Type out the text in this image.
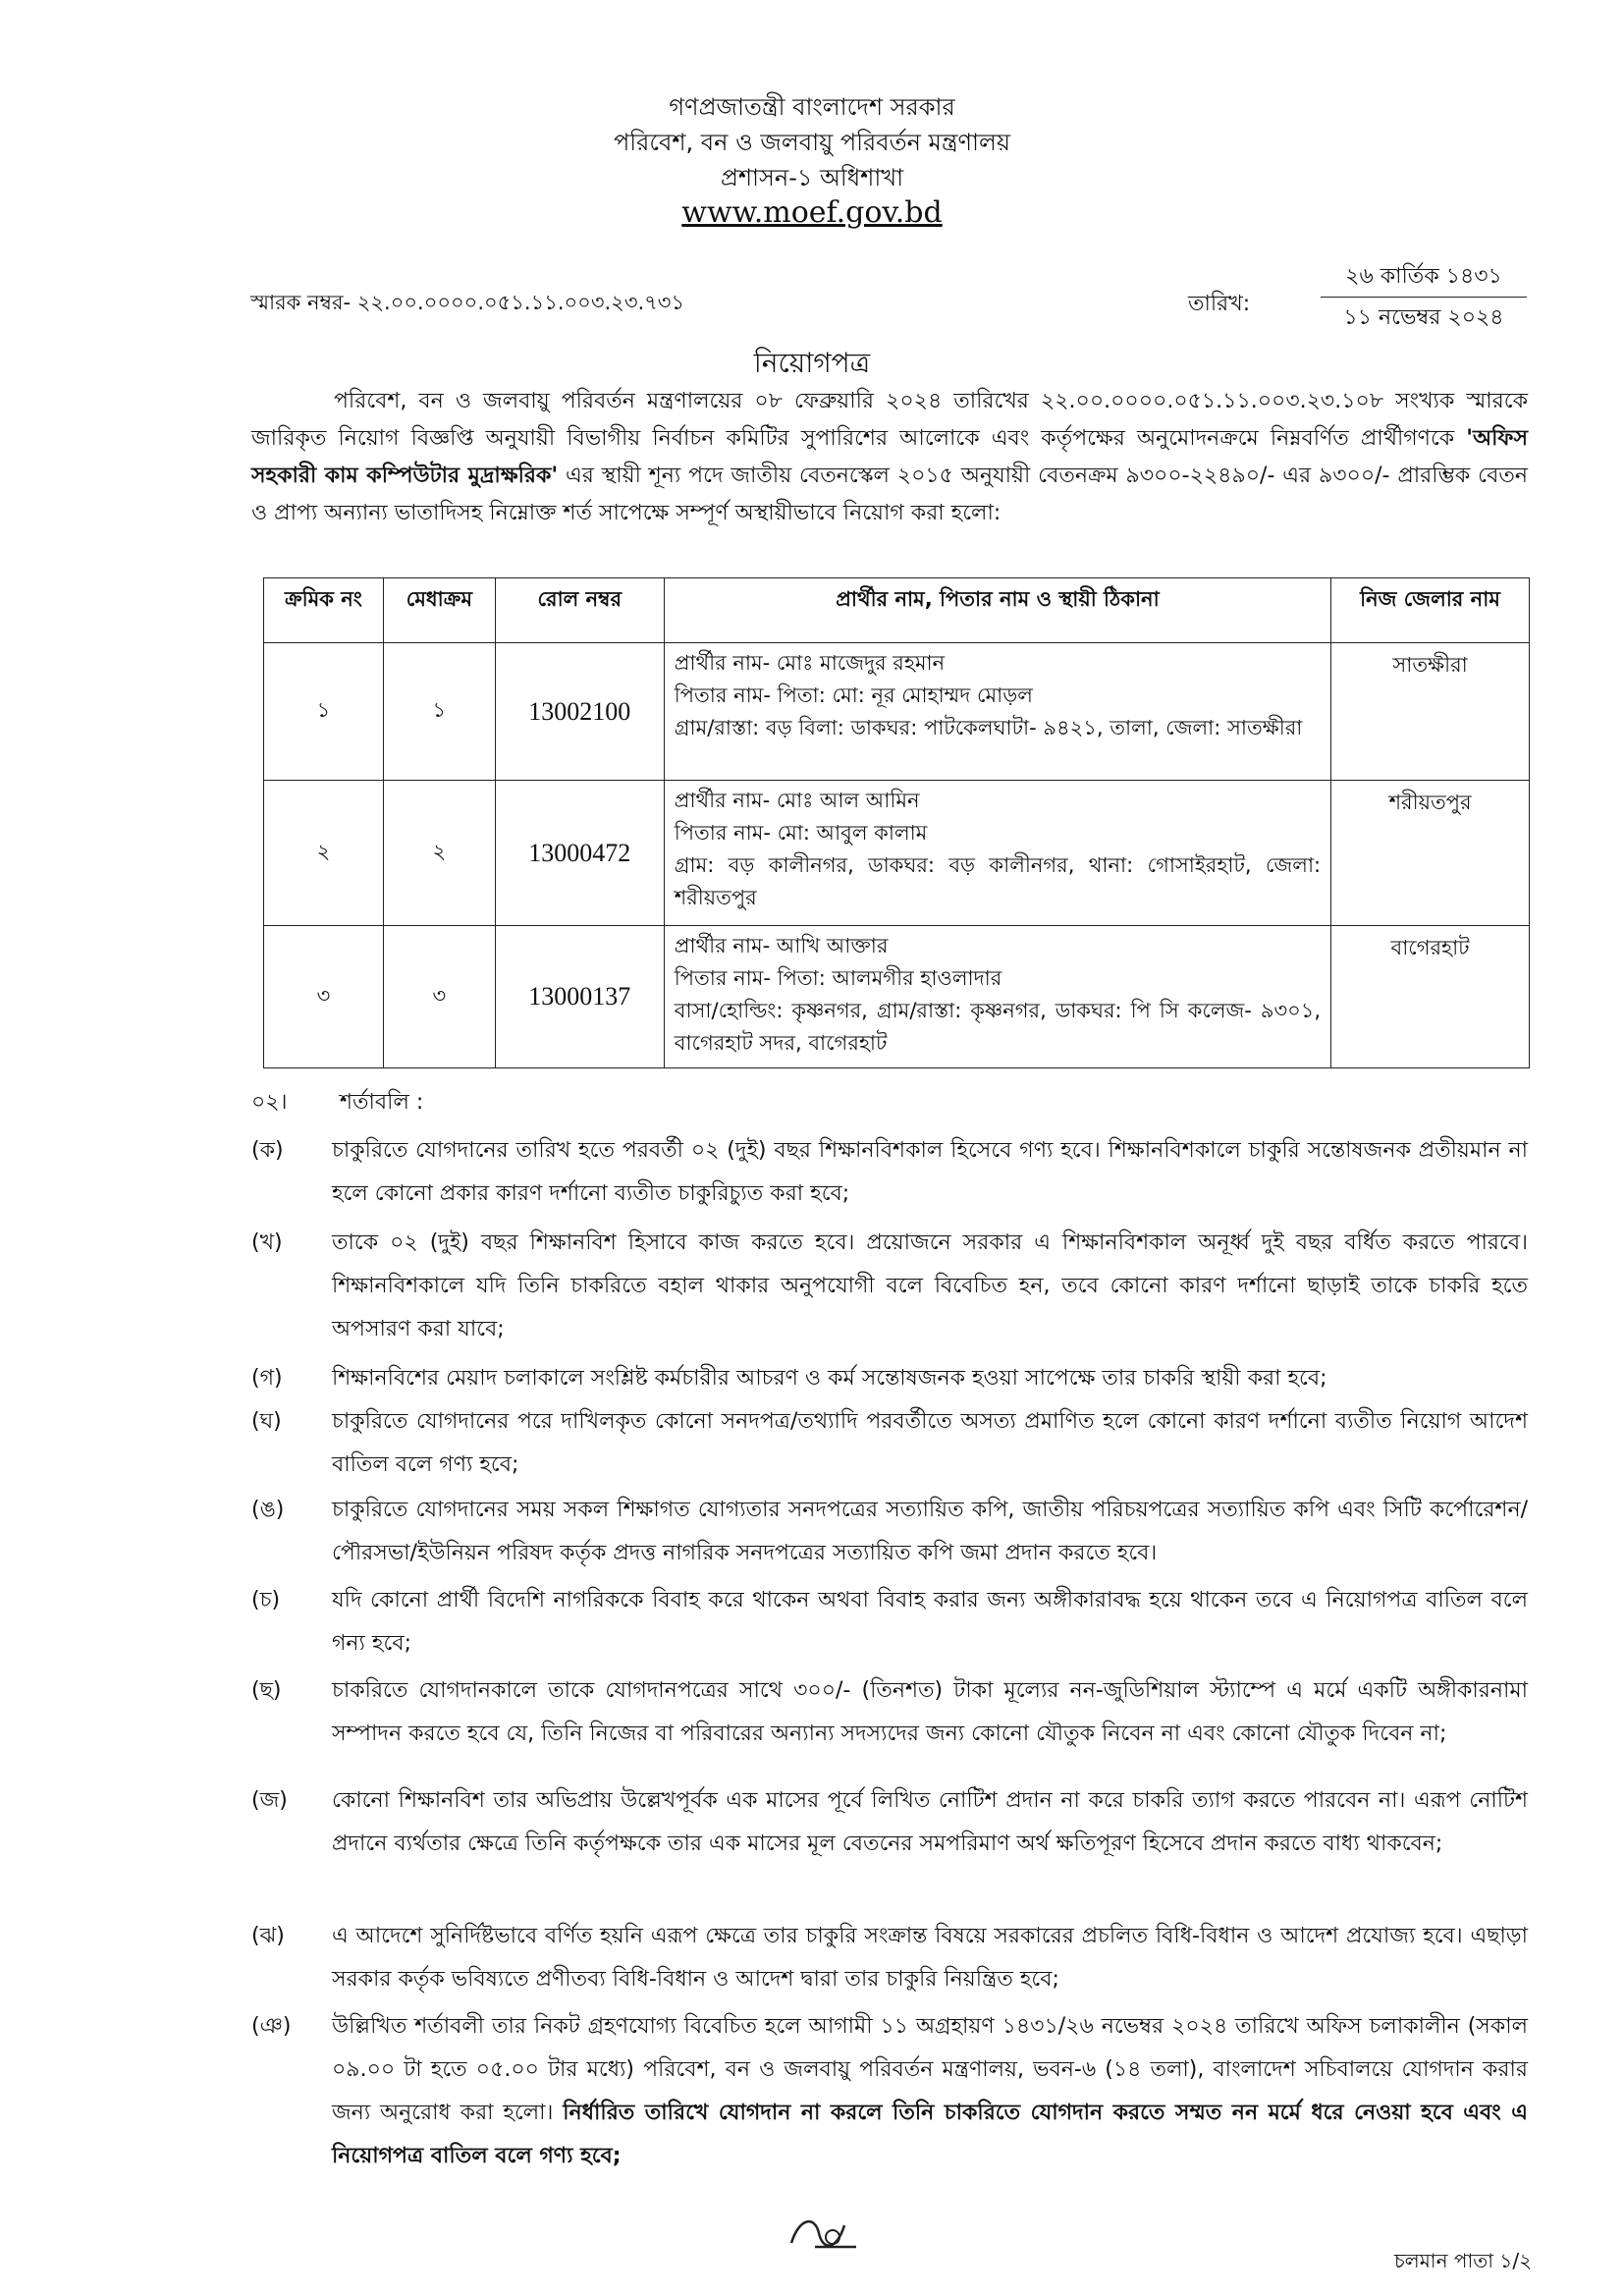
গণপ্রজাতন্ত্রী বাংলাদেশ সরকার
পরিবেশ, বন ও জলবায়ু পরিবর্তন মন্ত্রণালয়
প্রশাসন-১ অধিশাখা
www.moef.gov.bd
স্মারক নম্বর- ২২.০০.০০০০.০৫১.১১.০০৩.২৩.৭৩১	তারিখ:
২৬ কার্তিক ১৪৩১
১১ নভেম্বর ২০২৪
নিয়োগপত্র
পরিবেশ, বন ও জলবায়ু পরিবর্তন মন্ত্রণালয়ের ০৮ ফেব্রুয়ারি ২০২৪ তারিখের ২২.০০.০০০০.০৫১.১১.০০৩.২৩.১০৮ সংখ্যক স্মারকে জারিকৃত নিয়োগ বিজ্ঞপ্তি অনুযায়ী বিভাগীয় নির্বাচন কমিটির সুপারিশের আলোকে এবং কর্তৃপক্ষের অনুমোদনক্রমে নিম্নবর্ণিত প্রার্থীগণকে 'অফিস সহকারী কাম কম্পিউটার মুদ্রাক্ষরিক' এর স্থায়ী শূন্য পদে জাতীয় বেতনস্কেল ২০১৫ অনুযায়ী বেতনক্রম ৯৩০০-২২৪৯০/- এর ৯৩০০/- প্রারম্ভিক বেতন ও প্রাপ্য অন্যান্য ভাতাদিসহ নিম্নোক্ত শর্ত সাপেক্ষে সম্পূর্ণ অস্থায়ীভাবে নিয়োগ করা হলো:
ক্রমিক নং	মেধাক্রম	রোল নম্বর	প্রার্থীর নাম, পিতার নাম ও স্থায়ী ঠিকানা	নিজ জেলার নাম
১	১	13002100	প্রার্থীর নাম- মোঃ মাজেদুর রহমান
পিতার নাম- পিতা: মো: নূর মোহাম্মদ মোড়ল
গ্রাম/রাস্তা: বড় বিলা: ডাকঘর: পাটকেলঘাটা- ৯৪২১, তালা, জেলা: সাতক্ষীরা	সাতক্ষীরা
২	২	13000472	প্রার্থীর নাম- মোঃ আল আমিন
পিতার নাম- মো: আবুল কালাম
গ্রাম: বড় কালীনগর, ডাকঘর: বড় কালীনগর, থানা: গোসাইরহাট, জেলা: শরীয়তপুর	শরীয়তপুর
৩	৩	13000137	প্রার্থীর নাম- আখি আক্তার
পিতার নাম- পিতা: আলমগীর হাওলাদার
বাসা/হোল্ডিং: কৃষ্ণনগর, গ্রাম/রাস্তা: কৃষ্ণনগর, ডাকঘর: পি সি কলেজ- ৯৩০১, বাগেরহাট সদর, বাগেরহাট	বাগেরহাট
০২। শর্তাবলি :
(ক) চাকুরিতে যোগদানের তারিখ হতে পরবর্তী ০২ (দুই) বছর শিক্ষানবিশকাল হিসেবে গণ্য হবে। শিক্ষানবিশকালে চাকুরি সন্তোষজনক প্রতীয়মান না হলে কোনো প্রকার কারণ দর্শানো ব্যতীত চাকুরিচ্যুত করা হবে;
(খ) তাকে ০২ (দুই) বছর শিক্ষানবিশ হিসাবে কাজ করতে হবে। প্রয়োজনে সরকার এ শিক্ষানবিশকাল অনূর্ধ্ব দুই বছর বর্ধিত করতে পারবে। শিক্ষানবিশকালে যদি তিনি চাকরিতে বহাল থাকার অনুপযোগী বলে বিবেচিত হন, তবে কোনো কারণ দর্শানো ছাড়াই তাকে চাকরি হতে অপসারণ করা যাবে;
(গ) শিক্ষানবিশের মেয়াদ চলাকালে সংশ্লিষ্ট কর্মচারীর আচরণ ও কর্ম সন্তোষজনক হওয়া সাপেক্ষে তার চাকরি স্থায়ী করা হবে;
(ঘ) চাকুরিতে যোগদানের পরে দাখিলকৃত কোনো সনদপত্র/তথ্যাদি পরবর্তীতে অসত্য প্রমাণিত হলে কোনো কারণ দর্শানো ব্যতীত নিয়োগ আদেশ বাতিল বলে গণ্য হবে;
(ঙ) চাকুরিতে যোগদানের সময় সকল শিক্ষাগত যোগ্যতার সনদপত্রের সত্যায়িত কপি, জাতীয় পরিচয়পত্রের সত্যায়িত কপি এবং সিটি কর্পোরেশন/পৌরসভা/ইউনিয়ন পরিষদ কর্তৃক প্রদত্ত নাগরিক সনদপত্রের সত্যায়িত কপি জমা প্রদান করতে হবে।
(চ) যদি কোনো প্রার্থী বিদেশি নাগরিককে বিবাহ করে থাকেন অথবা বিবাহ করার জন্য অঙ্গীকারাবদ্ধ হয়ে থাকেন তবে এ নিয়োগপত্র বাতিল বলে গন্য হবে;
(ছ) চাকরিতে যোগদানকালে তাকে যোগদানপত্রের সাথে ৩০০/- (তিনশত) টাকা মূল্যের নন-জুডিশিয়াল স্ট্যাম্পে এ মর্মে একটি অঙ্গীকারনামা সম্পাদন করতে হবে যে, তিনি নিজের বা পরিবারের অন্যান্য সদস্যদের জন্য কোনো যৌতুক নিবেন না এবং কোনো যৌতুক দিবেন না;
(জ) কোনো শিক্ষানবিশ তার অভিপ্রায় উল্লেখপূর্বক এক মাসের পূর্বে লিখিত নোটিশ প্রদান না করে চাকরি ত্যাগ করতে পারবেন না। এরূপ নোটিশ প্রদানে ব্যর্থতার ক্ষেত্রে তিনি কর্তৃপক্ষকে তার এক মাসের মূল বেতনের সমপরিমাণ অর্থ ক্ষতিপূরণ হিসেবে প্রদান করতে বাধ্য থাকবেন;
(ঝ) এ আদেশে সুনির্দিষ্টভাবে বর্ণিত হয়নি এরূপ ক্ষেত্রে তার চাকুরি সংক্রান্ত বিষয়ে সরকারের প্রচলিত বিধি-বিধান ও আদেশ প্রযোজ্য হবে। এছাড়া সরকার কর্তৃক ভবিষ্যতে প্রণীতব্য বিধি-বিধান ও আদেশ দ্বারা তার চাকুরি নিয়ন্ত্রিত হবে;
(ঞ) উল্লিখিত শর্তাবলী তার নিকট গ্রহণযোগ্য বিবেচিত হলে আগামী ১১ অগ্রহায়ণ ১৪৩১/২৬ নভেম্বর ২০২৪ তারিখে অফিস চলাকালীন (সকাল ০৯.০০ টা হতে ০৫.০০ টার মধ্যে) পরিবেশ, বন ও জলবায়ু পরিবর্তন মন্ত্রণালয়, ভবন-৬ (১৪ তলা), বাংলাদেশ সচিবালয়ে যোগদান করার জন্য অনুরোধ করা হলো। নির্ধারিত তারিখে যোগদান না করলে তিনি চাকরিতে যোগদান করতে সম্মত নন মর্মে ধরে নেওয়া হবে এবং এ নিয়োগপত্র বাতিল বলে গণ্য হবে;
চলমান পাতা ১/২
